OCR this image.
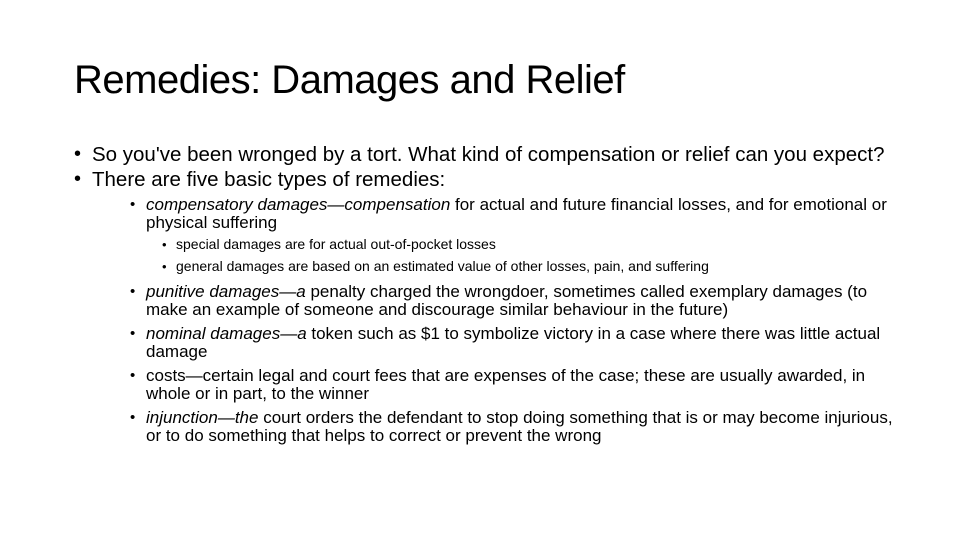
Remedies: Damages and Relief
• So you've been wronged by a tort. What kind of compensation or relief can you expect?
• There are five basic types of remedies:
• compensatory damages—compensation for actual and future financial losses, and for emotional or physical suffering
• special damages are for actual out-of-pocket losses
• general damages are based on an estimated value of other losses, pain, and suffering
• punitive damages—a penalty charged the wrongdoer, sometimes called exemplary damages (to make an example of someone and discourage similar behaviour in the future)
• nominal damages—a token such as $1 to symbolize victory in a case where there was little actual damage
• costs—certain legal and court fees that are expenses of the case; these are usually awarded, in whole or in part, to the winner
• injunction—the court orders the defendant to stop doing something that is or may become injurious, or to do something that helps to correct or prevent the wrong
